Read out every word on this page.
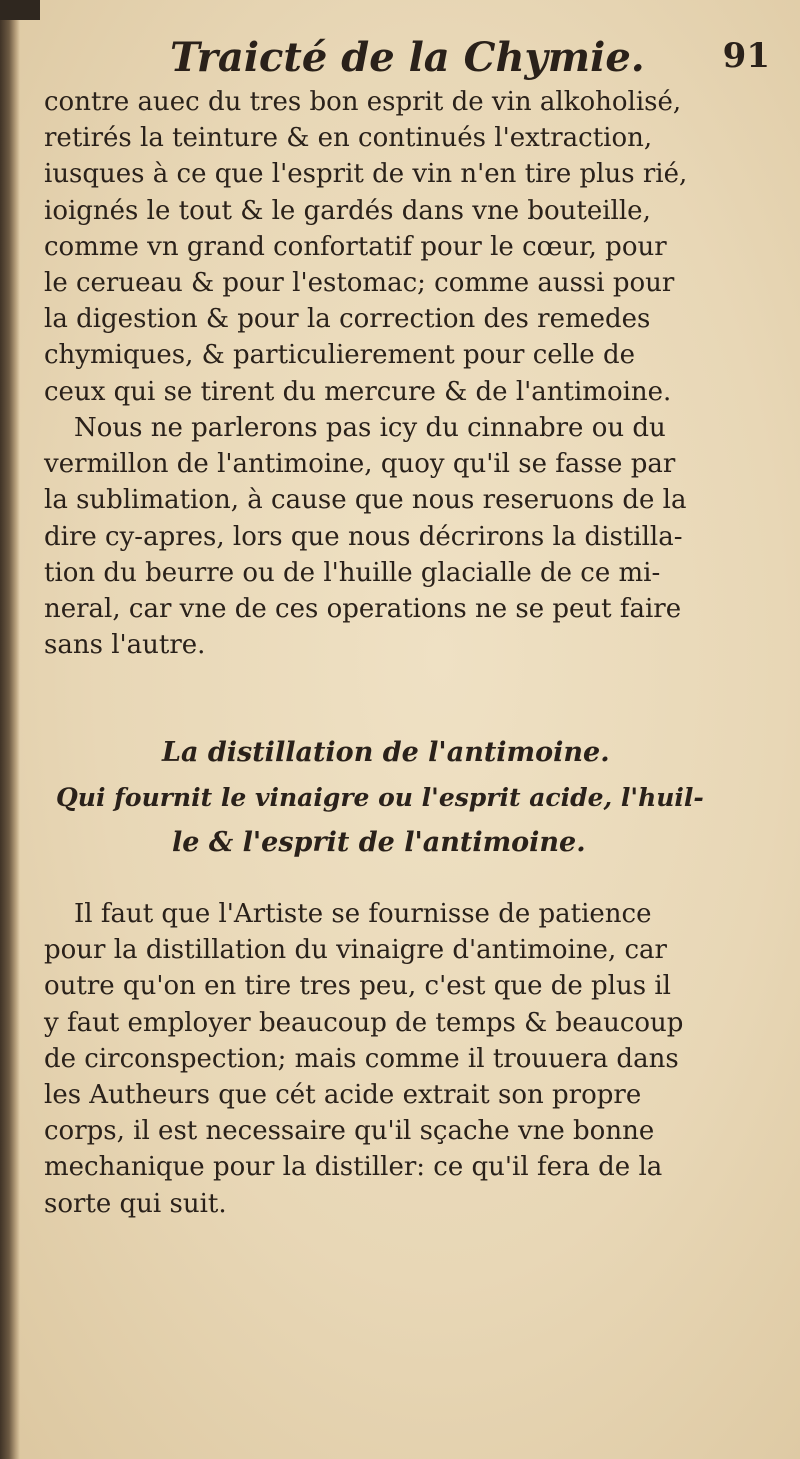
Traicté de la Chymie. 91
contre auec du tres bon esprit de vin alkoholisé,
retirés la teinture & en continués l'extraction,
iusques à ce que l'esprit de vin n'en tire plus rié,
ioignés le tout & le gardés dans vne bouteille,
comme vn grand confortatif pour le cœur, pour
le cerueau & pour l'estomac; comme aussi pour
la digestion & pour la correction des remedes
chymiques, & particulierement pour celle de
ceux qui se tirent du mercure & de l'antimoine.
Nous ne parlerons pas icy du cinnabre ou du
vermillon de l'antimoine, quoy qu'il se fasse par
la sublimation, à cause que nous reseruons de la
dire cy-apres, lors que nous décrirons la distilla-
tion du beurre ou de l'huille glacialle de ce mi-
neral, car vne de ces operations ne se peut faire
sans l'autre.
La distillation de l'antimoine.
Qui fournit le vinaigre ou l'esprit acide, l'huil-
le & l'esprit de l'antimoine.
Il faut que l'Artiste se fournisse de patience
pour la distillation du vinaigre d'antimoine, car
outre qu'on en tire tres peu, c'est que de plus il
y faut employer beaucoup de temps & beaucoup
de circonspection; mais comme il trouuera dans
les Autheurs que cét acide extrait son propre
corps, il est necessaire qu'il sçache vne bonne
mechanique pour la distiller: ce qu'il fera de la
sorte qui suit.
